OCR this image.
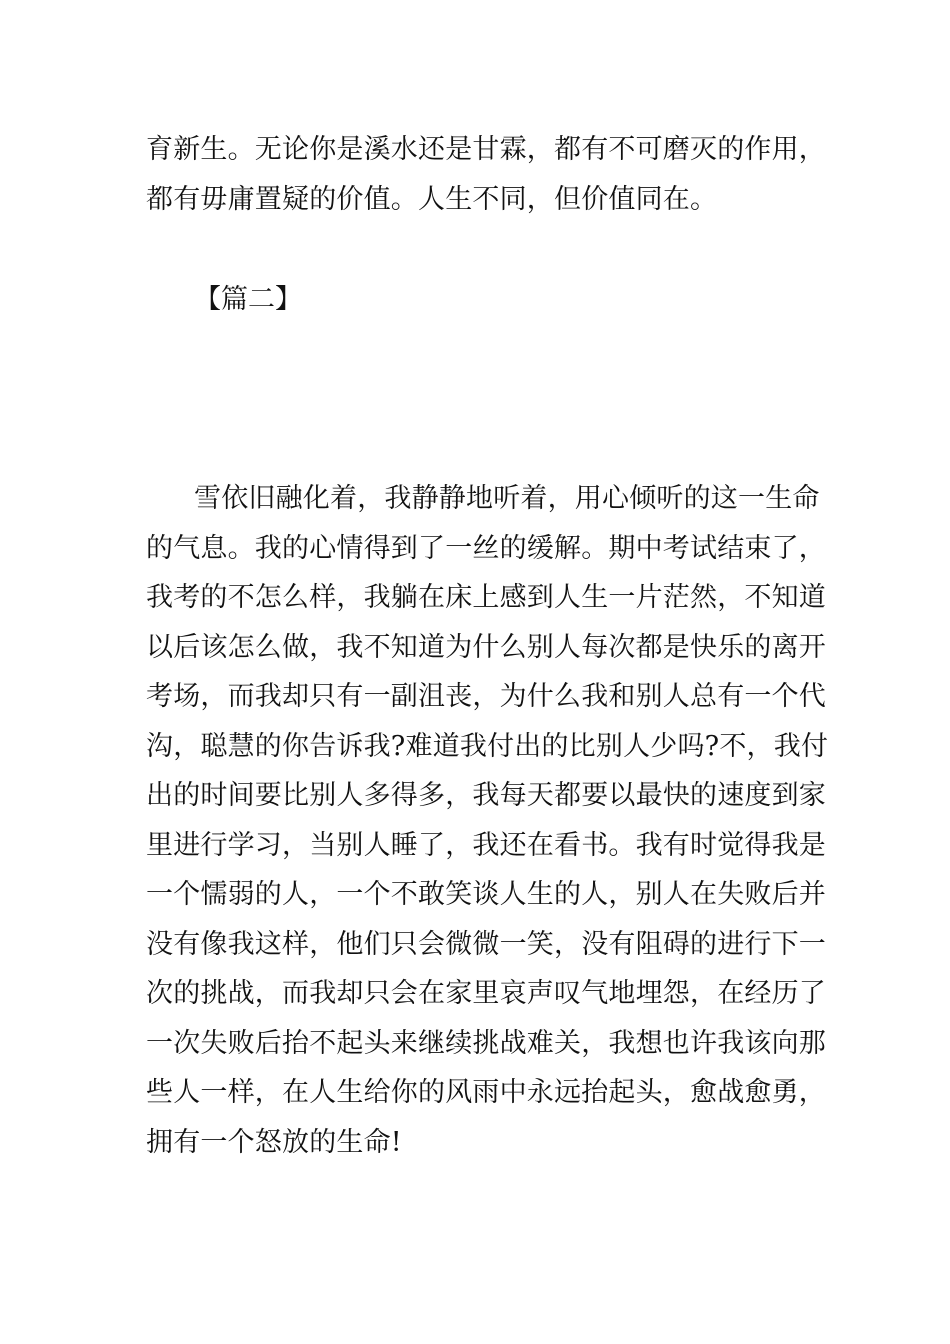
育新生。无论你是溪水还是甘霖，都有不可磨灭的作用，
都有毋庸置疑的价值。人生不同，但价值同在。
【篇二】
雪依旧融化着，我静静地听着，用心倾听的这一生命
的气息。我的心情得到了一丝的缓解。期中考试结束了，
我考的不怎么样，我躺在床上感到人生一片茫然，不知道
以后该怎么做，我不知道为什么别人每次都是快乐的离开
考场，而我却只有一副沮丧，为什么我和别人总有一个代
沟，聪慧的你告诉我?难道我付出的比别人少吗?不，我付
出的时间要比别人多得多，我每天都要以最快的速度到家
里进行学习，当别人睡了，我还在看书。我有时觉得我是
一个懦弱的人，一个不敢笑谈人生的人，别人在失败后并
没有像我这样，他们只会微微一笑，没有阻碍的进行下一
次的挑战，而我却只会在家里哀声叹气地埋怨，在经历了
一次失败后抬不起头来继续挑战难关，我想也许我该向那
些人一样，在人生给你的风雨中永远抬起头，愈战愈勇，
拥有一个怒放的生命!
